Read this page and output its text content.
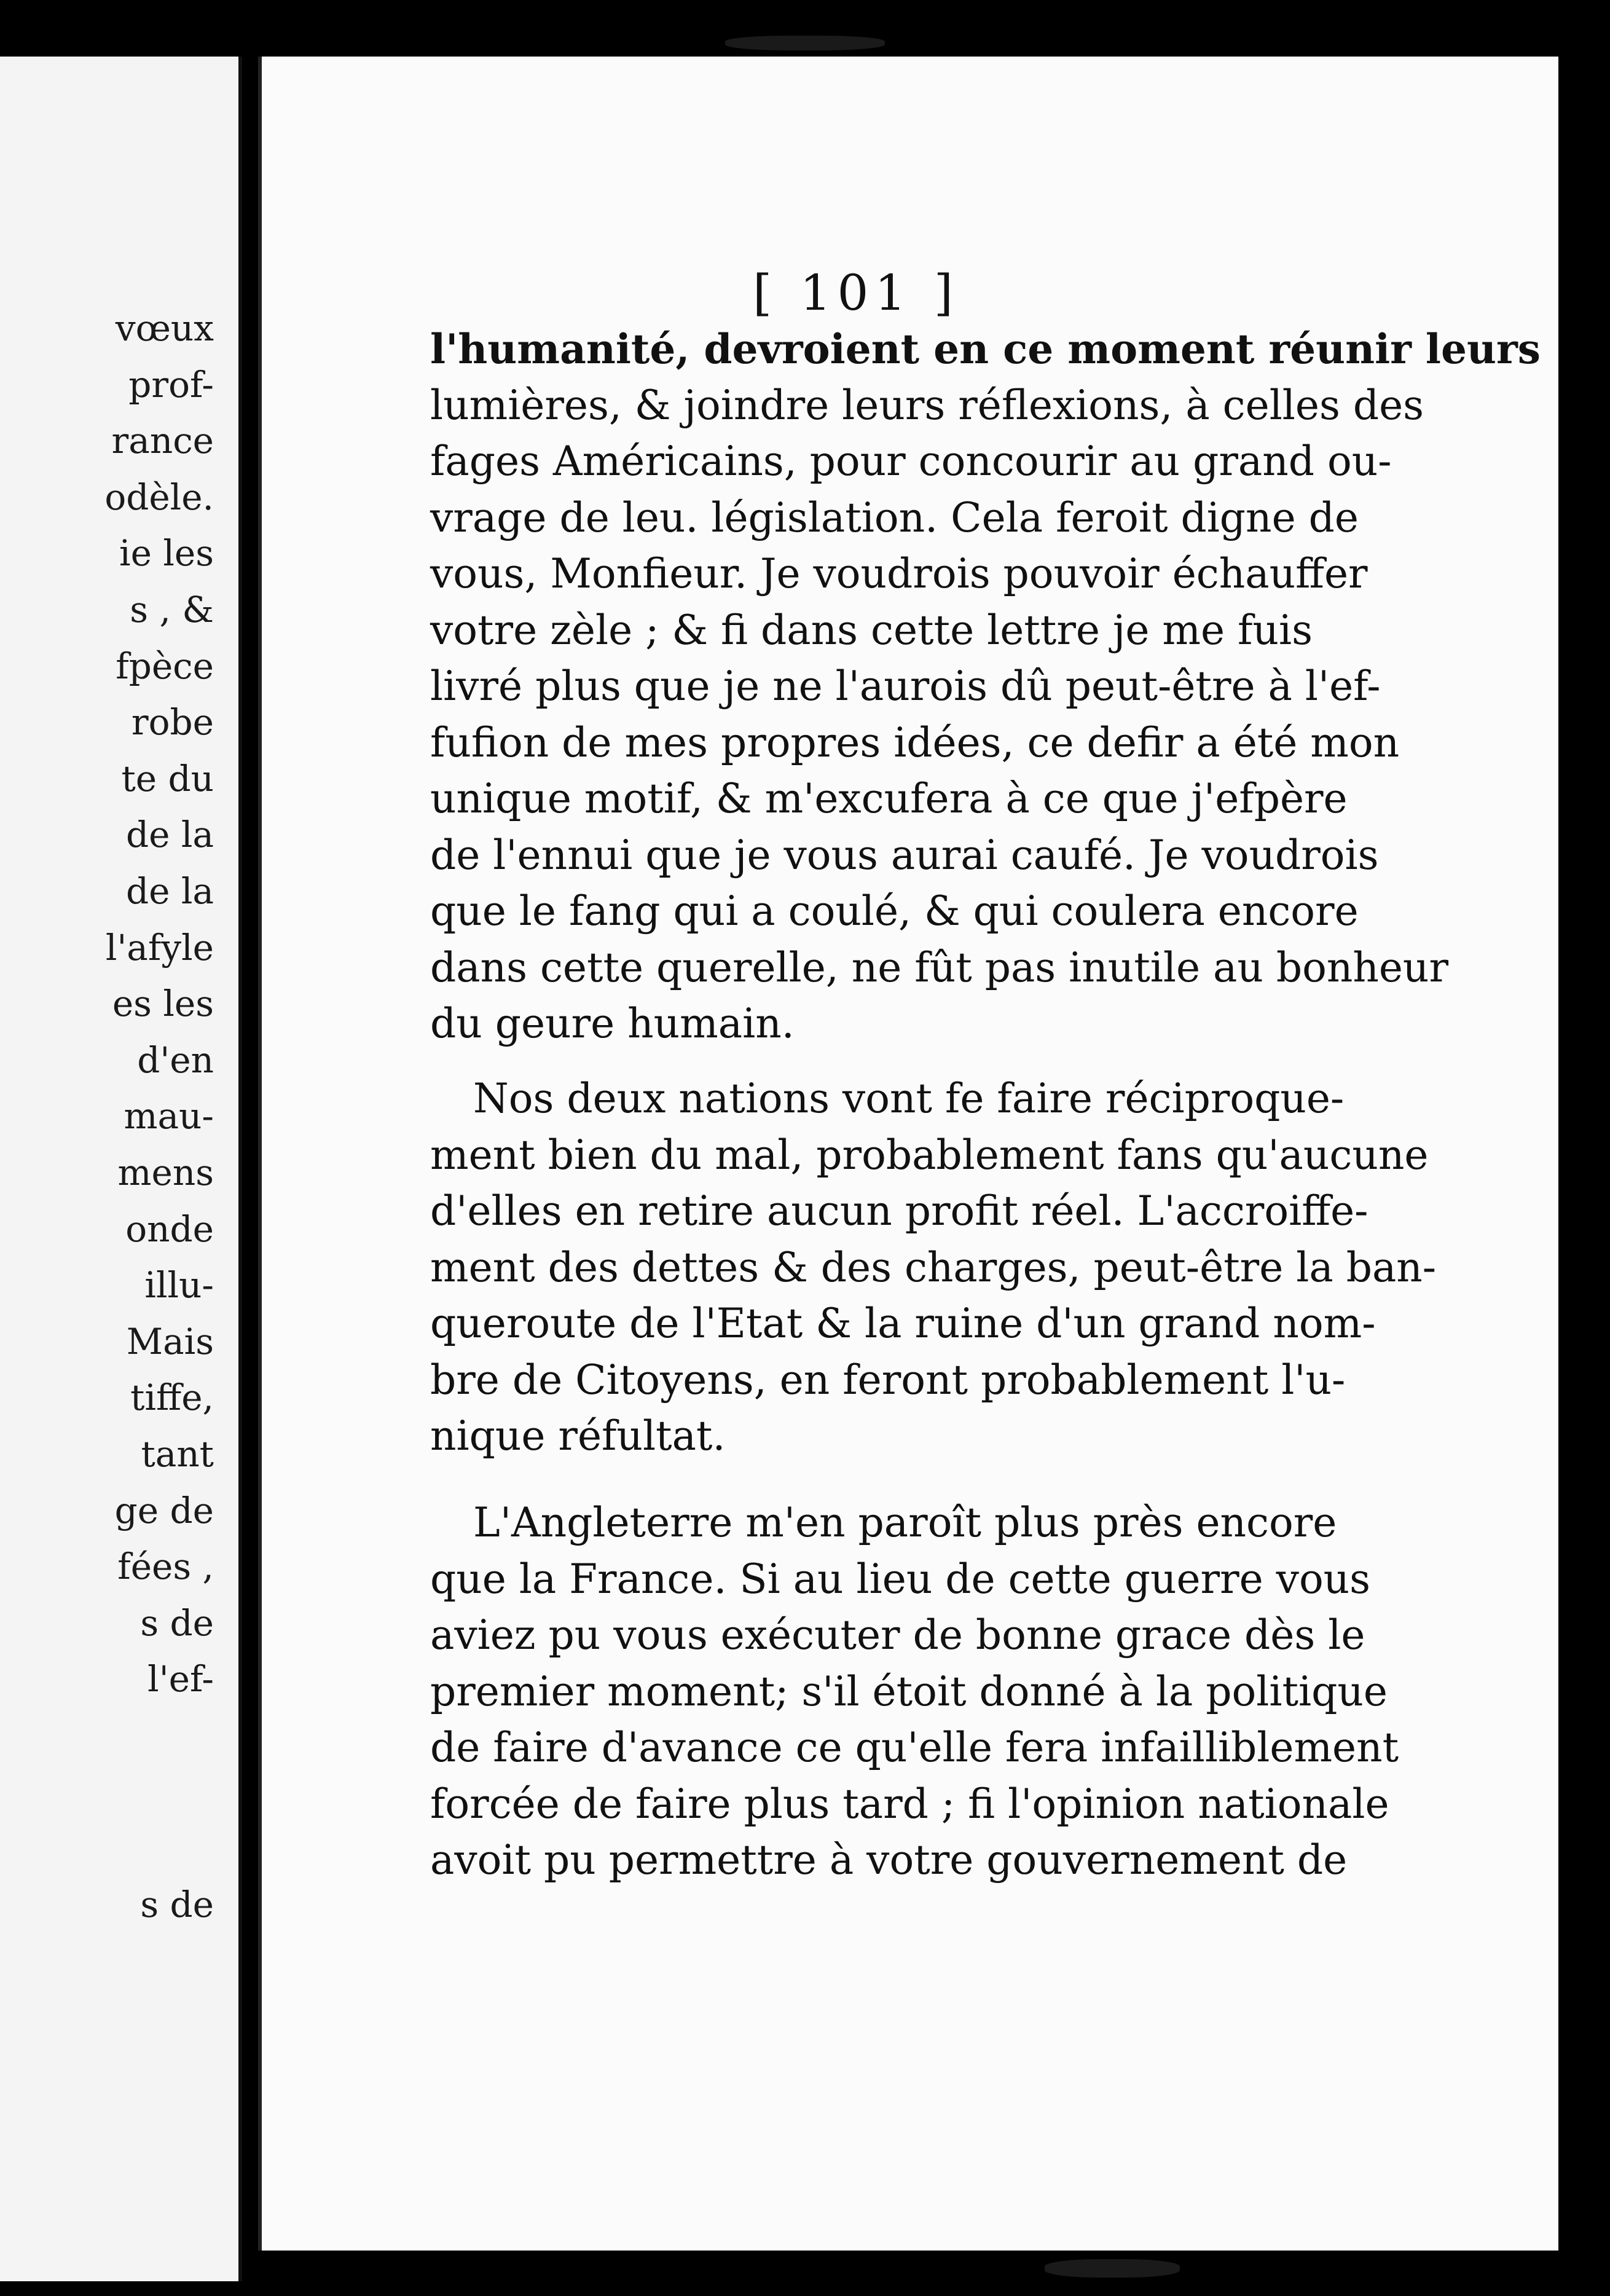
vœux
prof-
rance
odèle.
ie les
s , &
fpèce
robe
te du
de la
de la
l'afyle
es les
d'en
mau-
mens
onde
illu-
Mais
tiffe,
tant
ge de
fées ,
s de
l'ef-
s de
[ 101 ]
l'humanité, devroient en ce moment réunir leurs
lumières, & joindre leurs réflexions, à celles des
fages Américains, pour concourir au grand ou-
vrage de leu. législation. Cela feroit digne de
vous, Monfieur. Je voudrois pouvoir échauffer
votre zèle ; & fi dans cette lettre je me fuis
livré plus que je ne l'aurois dû peut-être à l'ef-
fufion de mes propres idées, ce defir a été mon
unique motif, & m'excufera à ce que j'efpère
de l'ennui que je vous aurai caufé. Je voudrois
que le fang qui a coulé, & qui coulera encore
dans cette querelle, ne fût pas inutile au bonheur
du geure humain.
Nos deux nations vont fe faire réciproque-
ment bien du mal, probablement fans qu'aucune
d'elles en retire aucun profit réel. L'accroiffe-
ment des dettes & des charges, peut-être la ban-
queroute de l'Etat & la ruine d'un grand nom-
bre de Citoyens, en feront probablement l'u-
nique réfultat.
L'Angleterre m'en paroît plus près encore
que la France. Si au lieu de cette guerre vous
aviez pu vous exécuter de bonne grace dès le
premier moment; s'il étoit donné à la politique
de faire d'avance ce qu'elle fera infailliblement
forcée de faire plus tard ; fi l'opinion nationale
avoit pu permettre à votre gouvernement de
